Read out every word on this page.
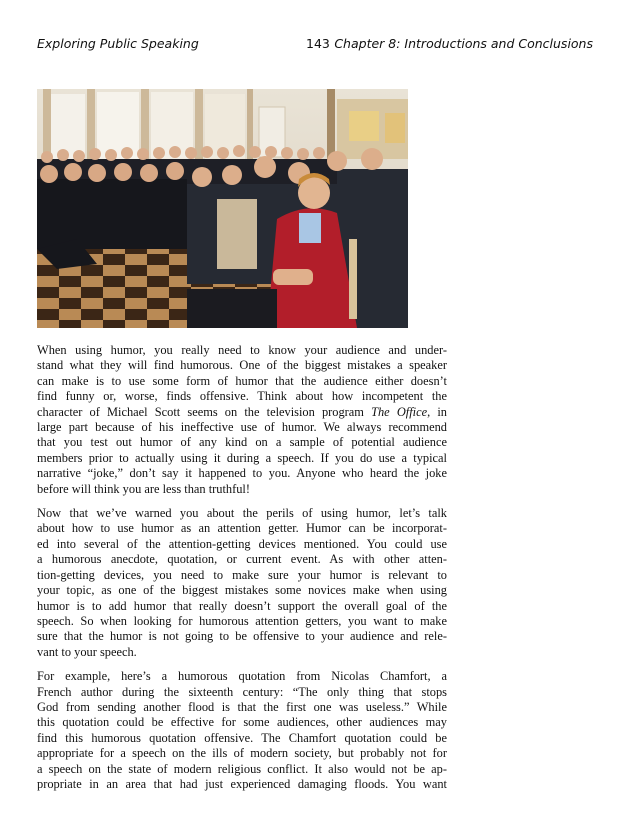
Exploring Public Speaking	143 Chapter 8: Introductions and Conclusions

When using humor, you really need to know your audience and under-
stand what they will find humorous. One of the biggest mistakes a speaker
can make is to use some form of humor that the audience either doesn’t
find funny or, worse, finds offensive. Think about how incompetent the
character of Michael Scott seems on the television program The Office, in
large part because of his ineffective use of humor. We always recommend
that you test out humor of any kind on a sample of potential audience
members prior to actually using it during a speech. If you do use a typical
narrative “joke,” don’t say it happened to you. Anyone who heard the joke
before will think you are less than truthful!

Now that we’ve warned you about the perils of using humor, let’s talk
about how to use humor as an attention getter. Humor can be incorporat-
ed into several of the attention-getting devices mentioned. You could use
a humorous anecdote, quotation, or current event. As with other atten-
tion-getting devices, you need to make sure your humor is relevant to
your topic, as one of the biggest mistakes some novices make when using
humor is to add humor that really doesn’t support the overall goal of the
speech. So when looking for humorous attention getters, you want to make
sure that the humor is not going to be offensive to your audience and rele-
vant to your speech.

For example, here’s a humorous quotation from Nicolas Chamfort, a
French author during the sixteenth century: “The only thing that stops
God from sending another flood is that the first one was useless.” While
this quotation could be effective for some audiences, other audiences may
find this humorous quotation offensive. The Chamfort quotation could be
appropriate for a speech on the ills of modern society, but probably not for
a speech on the state of modern religious conflict. It also would not be ap-
propriate in an area that had just experienced damaging floods. You want
